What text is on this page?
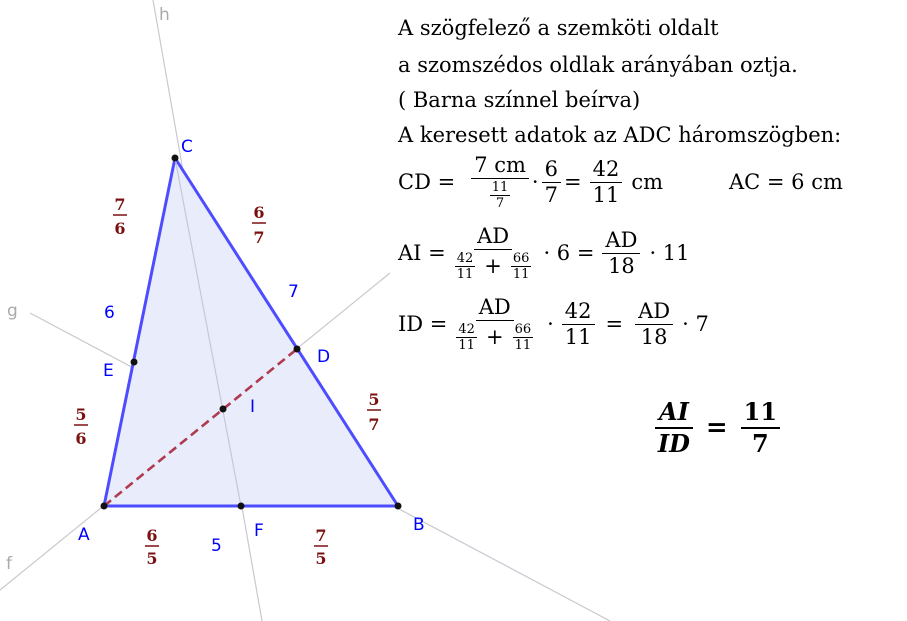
h
g
f
A	B
C
D
E
F
I
6
7
5
7
6
6
7
5
6
5
7
6
5
7
5
A szögfelező a szemköti oldalt
a szomszédos oldlak arányában oztja.
( Barna színnel beírva)
A keresett adatok az ADC háromszögben:
CD = $\frac{7 cm}{\frac{11}{7}} \cdot \frac{6}{7} = \frac{42}{11}$ cm	AC = 6 cm
AI = $\frac{AD}{\frac{42}{11} + \frac{66}{11}} \cdot 6 = \frac{AD}{18} \cdot 11$
ID = $\frac{AD}{\frac{42}{11} + \frac{66}{11}} \cdot \frac{42}{11} = \frac{AD}{18} \cdot 7$
$\frac{AI}{ID} = \frac{11}{7}$
